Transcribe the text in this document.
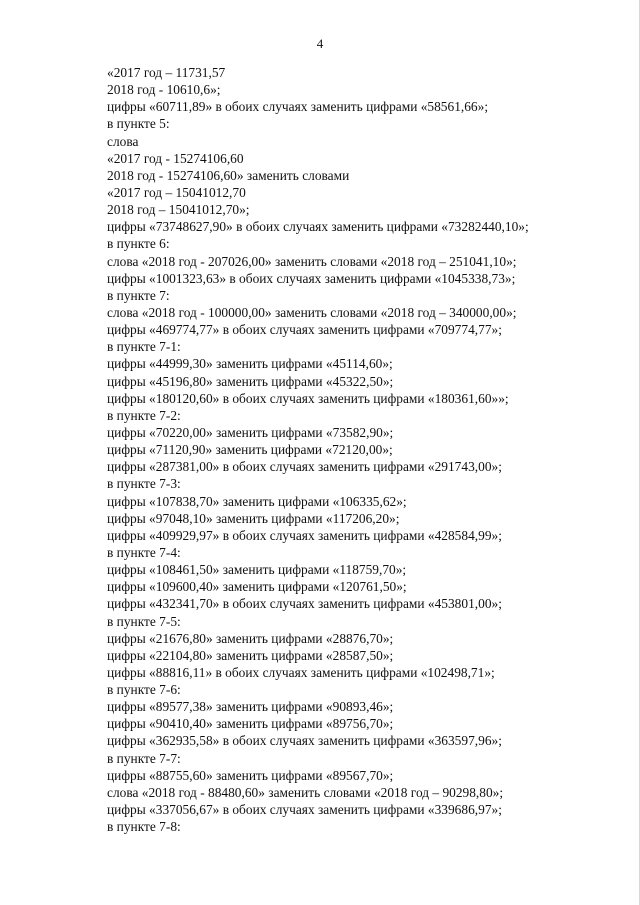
4
«2017 год – 11731,57
2018 год - 10610,6»;
цифры «60711,89» в обоих случаях заменить цифрами «58561,66»;
в пункте 5:
слова
«2017 год - 15274106,60
2018 год - 15274106,60» заменить словами
«2017 год – 15041012,70
2018 год – 15041012,70»;
цифры «73748627,90» в обоих случаях заменить цифрами «73282440,10»;
в пункте 6:
слова «2018 год - 207026,00» заменить словами «2018 год – 251041,10»;
цифры «1001323,63» в обоих случаях заменить цифрами «1045338,73»;
в пункте 7:
слова «2018 год - 100000,00» заменить словами «2018 год – 340000,00»;
цифры «469774,77» в обоих случаях заменить цифрами «709774,77»;
в пункте 7-1:
цифры «44999,30» заменить цифрами «45114,60»;
цифры «45196,80» заменить цифрами «45322,50»;
цифры «180120,60» в обоих случаях заменить цифрами «180361,60»»;
в пункте 7-2:
цифры «70220,00» заменить цифрами «73582,90»;
цифры «71120,90» заменить цифрами «72120,00»;
цифры «287381,00» в обоих случаях заменить цифрами «291743,00»;
в пункте 7-3:
цифры «107838,70» заменить цифрами «106335,62»;
цифры «97048,10» заменить цифрами «117206,20»;
цифры «409929,97» в обоих случаях заменить цифрами «428584,99»;
в пункте 7-4:
цифры «108461,50» заменить цифрами «118759,70»;
цифры «109600,40» заменить цифрами «120761,50»;
цифры «432341,70» в обоих случаях заменить цифрами «453801,00»;
в пункте 7-5:
цифры «21676,80» заменить цифрами «28876,70»;
цифры «22104,80» заменить цифрами «28587,50»;
цифры «88816,11» в обоих случаях заменить цифрами «102498,71»;
в пункте 7-6:
цифры «89577,38» заменить цифрами «90893,46»;
цифры «90410,40» заменить цифрами «89756,70»;
цифры «362935,58» в обоих случаях заменить цифрами «363597,96»;
в пункте 7-7:
цифры «88755,60» заменить цифрами «89567,70»;
слова «2018 год - 88480,60» заменить словами «2018 год – 90298,80»;
цифры «337056,67» в обоих случаях заменить цифрами «339686,97»;
в пункте 7-8:
